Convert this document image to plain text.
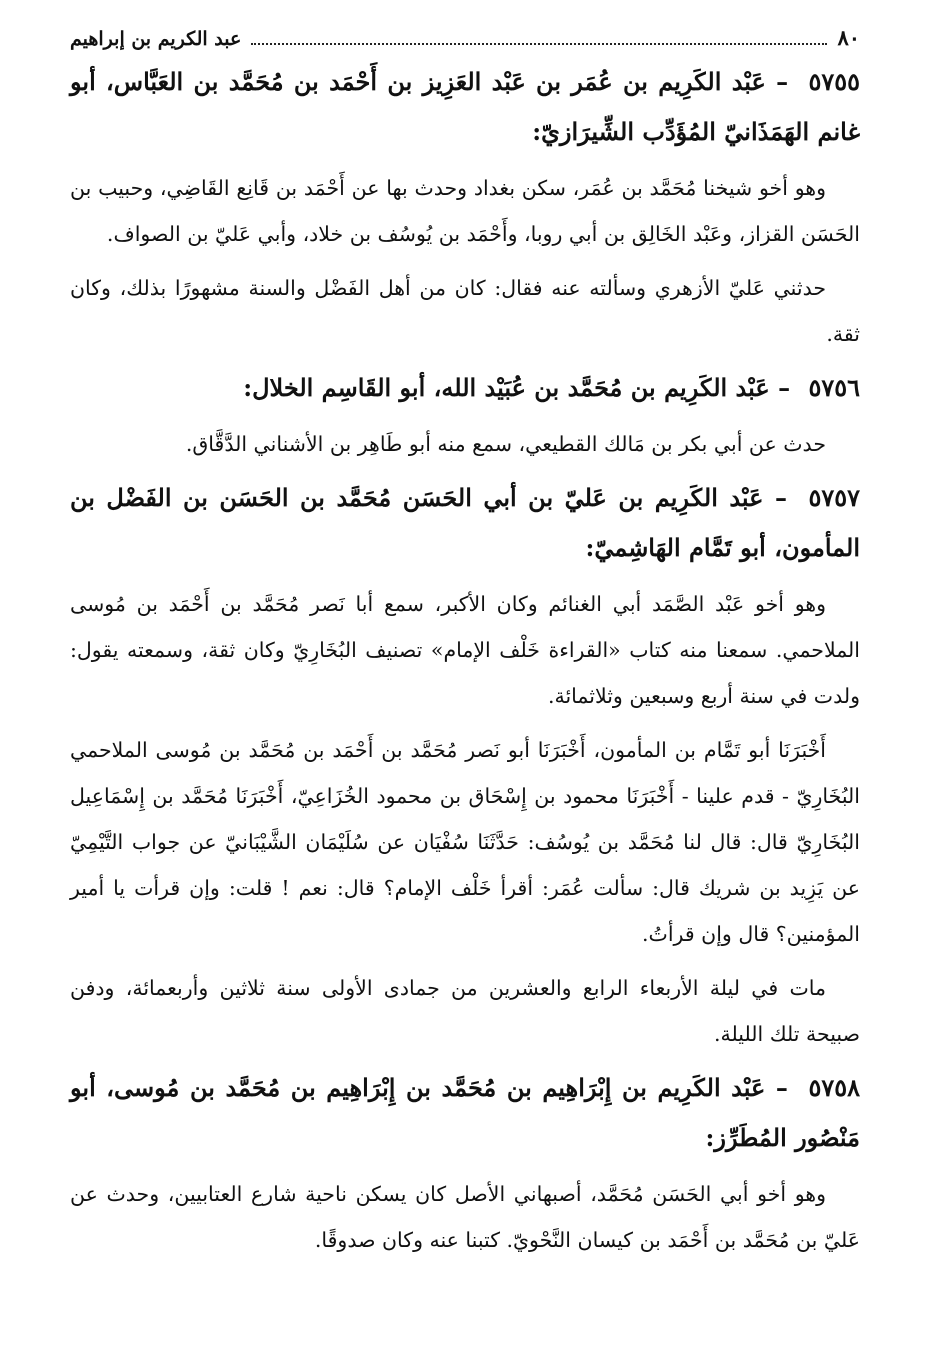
٨٠
عبد الكريم بن إبراهيم

٥٧٥٥ – عَبْد الكَرِيم بن عُمَر بن عَبْد العَزِيز بن أَحْمَد بن مُحَمَّد بن العَبَّاس، أبو غانم الهَمَذَانيّ المُؤَدِّب الشِّيرَازيّ:

وهو أخو شيخنا مُحَمَّد بن عُمَر، سكن بغداد وحدث بها عن أَحْمَد بن قَانِع القَاضِي، وحبيب بن الحَسَن القزاز، وعَبْد الخَالِق بن أبي روبا، وأَحْمَد بن يُوسُف بن خلاد، وأبي عَليّ بن الصواف.

حدثني عَليّ الأزهري وسألته عنه فقال: كان من أهل الفَضْل والسنة مشهورًا بذلك، وكان ثقة.

٥٧٥٦ – عَبْد الكَرِيم بن مُحَمَّد بن عُبَيْد الله، أبو القَاسِم الخلال:

حدث عن أبي بكر بن مَالك القطيعي، سمع منه أبو طَاهِر بن الأشناني الدَّقَّاق.

٥٧٥٧ – عَبْد الكَرِيم بن عَليّ بن أبي الحَسَن مُحَمَّد بن الحَسَن بن الفَضْل بن المأمون، أبو تَمَّام الهَاشِميّ:

وهو أخو عَبْد الصَّمَد أبي الغنائم وكان الأكبر، سمع أبا نَصر مُحَمَّد بن أَحْمَد بن مُوسى الملاحمي. سمعنا منه كتاب «القراءة خَلْف الإمام» تصنيف البُخَارِيّ وكان ثقة، وسمعته يقول: ولدت في سنة أربع وسبعين وثلاثمائة.

أَخْبَرَنَا أبو تَمَّام بن المأمون، أَخْبَرَنَا أبو نَصر مُحَمَّد بن أَحْمَد بن مُحَمَّد بن مُوسى الملاحمي البُخَارِيّ - قدم علينا - أَخْبَرَنَا محمود بن إِسْحَاق بن محمود الخُزَاعِيّ، أَخْبَرَنَا مُحَمَّد بن إِسْمَاعِيل البُخَارِيّ قال: قال لنا مُحَمَّد بن يُوسُف: حَدَّثَنَا سُفْيَان عن سُلَيْمَان الشَّيْبَانيّ عن جواب التَّيْمِيّ عن يَزِيد بن شريك قال: سألت عُمَر: أقرأ خَلْف الإمام؟ قال: نعم ! قلت: وإن قرأت يا أمير المؤمنين؟ قال وإن قرأتُ.

مات في ليلة الأربعاء الرابع والعشرين من جمادى الأولى سنة ثلاثين وأربعمائة، ودفن صبيحة تلك الليلة.

٥٧٥٨ – عَبْد الكَرِيم بن إِبْرَاهِيم بن مُحَمَّد بن إِبْرَاهِيم بن مُحَمَّد بن مُوسى، أبو مَنْصُور المُطَرِّز:

وهو أخو أبي الحَسَن مُحَمَّد، أصبهاني الأصل كان يسكن ناحية شارع العتابيين، وحدث عن عَليّ بن مُحَمَّد بن أَحْمَد بن كيسان النَّحْويّ. كتبنا عنه وكان صدوقًا.
